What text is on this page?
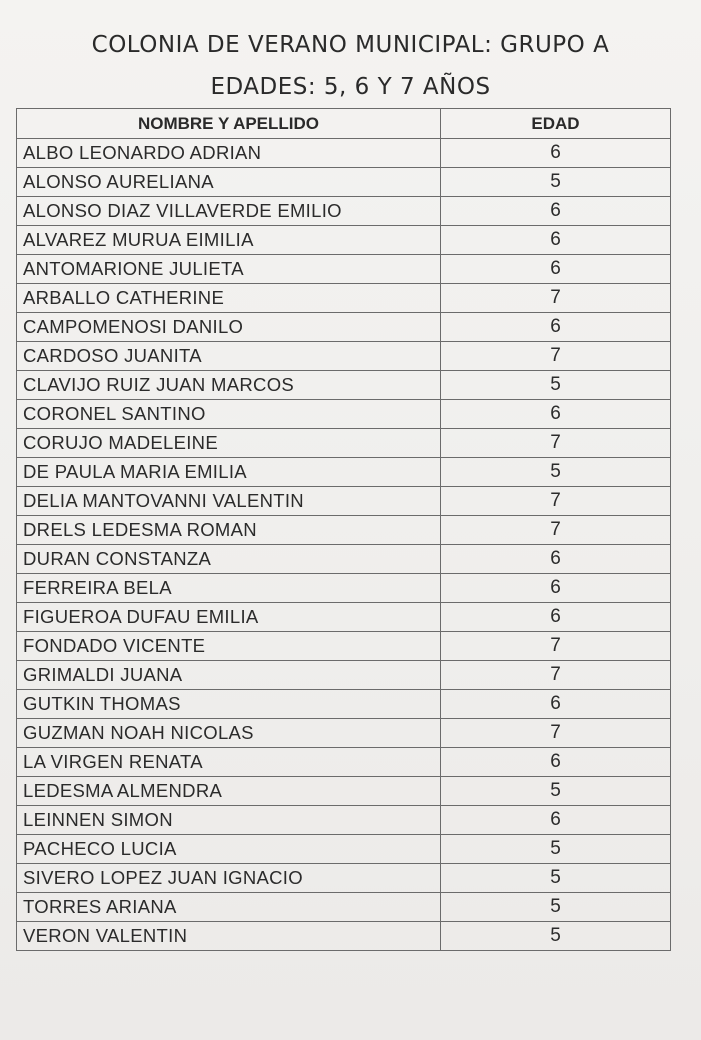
COLONIA DE VERANO MUNICIPAL: GRUPO A
EDADES: 5, 6 Y 7 AÑOS
NOMBRE Y APELLIDO	EDAD
ALBO LEONARDO ADRIAN	6
ALONSO AURELIANA	5
ALONSO DIAZ VILLAVERDE EMILIO	6
ALVAREZ MURUA EIMILIA	6
ANTOMARIONE JULIETA	6
ARBALLO CATHERINE	7
CAMPOMENOSI DANILO	6
CARDOSO JUANITA	7
CLAVIJO RUIZ JUAN MARCOS	5
CORONEL SANTINO	6
CORUJO MADELEINE	7
DE PAULA MARIA EMILIA	5
DELIA MANTOVANNI VALENTIN	7
DRELS LEDESMA ROMAN	7
DURAN CONSTANZA	6
FERREIRA BELA	6
FIGUEROA DUFAU EMILIA	6
FONDADO VICENTE	7
GRIMALDI JUANA	7
GUTKIN THOMAS	6
GUZMAN NOAH NICOLAS	7
LA VIRGEN RENATA	6
LEDESMA ALMENDRA	5
LEINNEN SIMON	6
PACHECO LUCIA	5
SIVERO LOPEZ JUAN IGNACIO	5
TORRES ARIANA	5
VERON VALENTIN	5
